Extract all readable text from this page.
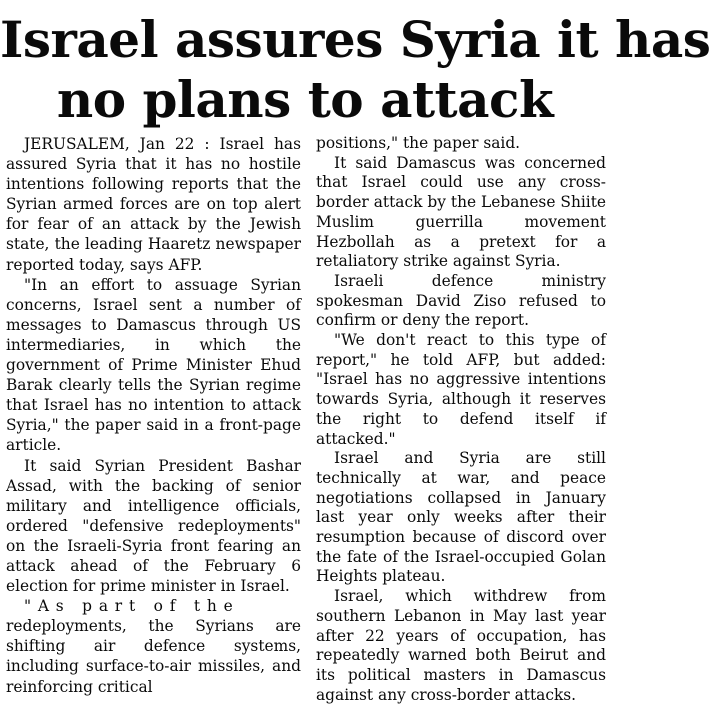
Israel assures Syria it has
no plans to attack

JERUSALEM, Jan 22 : Israel has assured Syria that it has no hostile intentions following reports that the Syrian armed forces are on top alert for fear of an attack by the Jewish state, the leading Haaretz newspaper reported today, says AFP.

"In an effort to assuage Syrian concerns, Israel sent a number of messages to Damascus through US intermediaries, in which the government of Prime Minister Ehud Barak clearly tells the Syrian regime that Israel has no intention to attack Syria," the paper said in a front-page article.

It said Syrian President Bashar Assad, with the backing of senior military and intelligence officials, ordered "defensive redeployments" on the Israeli-Syria front fearing an attack ahead of the February 6 election for prime minister in Israel.

"As part of the

redeployments, the Syrians are shifting air defence systems, including surface-to-air missiles, and reinforcing critical

positions," the paper said.

It said Damascus was concerned that Israel could use any cross-border attack by the Lebanese Shiite Muslim guerrilla movement Hezbollah as a pretext for a retaliatory strike against Syria.

Israeli defence ministry spokesman David Ziso refused to confirm or deny the report.

"We don't react to this type of report," he told AFP, but added: "Israel has no aggressive intentions towards Syria, although it reserves the right to defend itself if attacked."

Israel and Syria are still technically at war, and peace negotiations collapsed in January last year only weeks after their resumption because of discord over the fate of the Israel-occupied Golan Heights plateau.

Israel, which withdrew from southern Lebanon in May last year after 22 years of occupation, has repeatedly warned both Beirut and its political masters in Damascus against any cross-border attacks.
